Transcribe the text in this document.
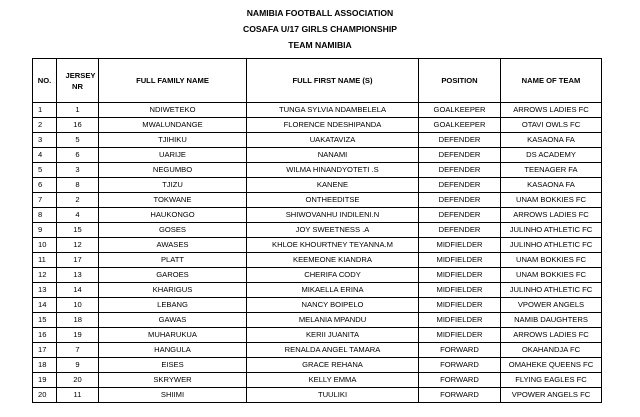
NAMIBIA FOOTBALL ASSOCIATION
COSAFA U/17 GIRLS CHAMPIONSHIP
TEAM NAMIBIA
NO.	JERSEY NR	FULL FAMILY NAME	FULL FIRST NAME (S)	POSITION	NAME OF TEAM
1	1	NDIWETEKO	TUNGA SYLVIA NDAMBELELA	GOALKEEPER	ARROWS LADIES FC
2	16	MWALUNDANGE	FLORENCE NDESHIPANDA	GOALKEEPER	OTAVI OWLS FC
3	5	TJIHIKU	UAKATAVIZA	DEFENDER	KASAONA FA
4	6	UARIJE	NANAMI	DEFENDER	DS ACADEMY
5	3	NEGUMBO	WILMA HINANDYOTETI .S	DEFENDER	TEENAGER FA
6	8	TJIZU	KANENE	DEFENDER	KASAONA FA
7	2	TOKWANE	ONTHEEDITSE	DEFENDER	UNAM BOKKIES FC
8	4	HAUKONGO	SHIWOVANHU INDILENI.N	DEFENDER	ARROWS LADIES FC
9	15	GOSES	JOY SWEETNESS .A	DEFENDER	JULINHO ATHLETIC FC
10	12	AWASES	KHLOE KHOURTNEY TEYANNA.M	MIDFIELDER	JULINHO ATHLETIC FC
11	17	PLATT	KEEMEONE KIANDRA	MIDFIELDER	UNAM BOKKIES FC
12	13	GAROES	CHERIFA CODY	MIDFIELDER	UNAM BOKKIES FC
13	14	KHARIGUS	MIKAELLA ERINA	MIDFIELDER	JULINHO ATHLETIC FC
14	10	LEBANG	NANCY BOIPELO	MIDFIELDER	VPOWER ANGELS
15	18	GAWAS	MELANIA MPANDU	MIDFIELDER	NAMIB DAUGHTERS
16	19	MUHARUKUA	KERII JUANITA	MIDFIELDER	ARROWS LADIES FC
17	7	HANGULA	RENALDA ANGEL TAMARA	FORWARD	OKAHANDJA FC
18	9	EISES	GRACE REHANA	FORWARD	OMAHEKE QUEENS FC
19	20	SKRYWER	KELLY EMMA	FORWARD	FLYING EAGLES FC
20	11	SHIIMI	TUULIKI	FORWARD	VPOWER ANGELS FC
